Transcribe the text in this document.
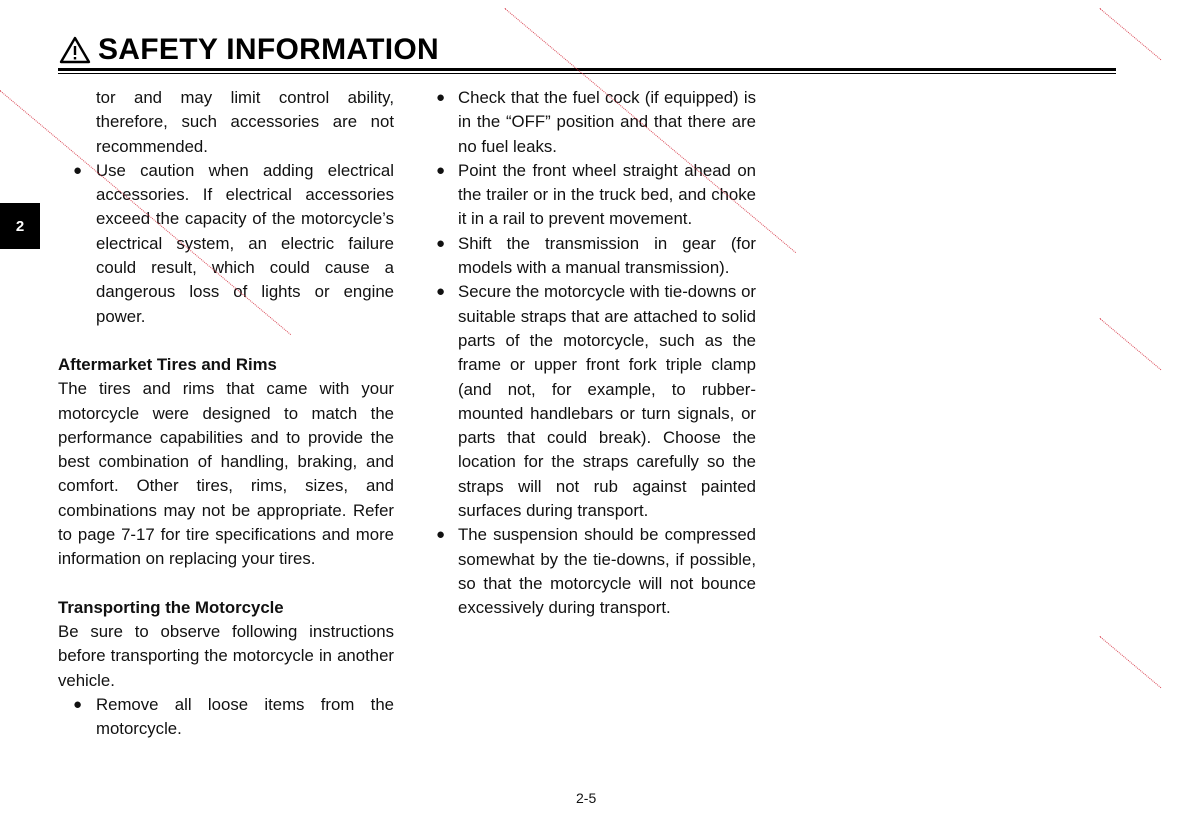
SAFETY INFORMATION
2

tor and may limit control ability, therefore, such accessories are not recommended.

● Use caution when adding electrical accessories. If electrical accessories exceed the capacity of the motorcycle’s electrical system, an electric failure could result, which could cause a dangerous loss of lights or engine power.

Aftermarket Tires and Rims

The tires and rims that came with your motorcycle were designed to match the performance capabilities and to provide the best combination of handling, braking, and comfort. Other tires, rims, sizes, and combinations may not be appropriate. Refer to page 7-17 for tire specifications and more information on replacing your tires.

Transporting the Motorcycle

Be sure to observe following instructions before transporting the motorcycle in another vehicle.

● Remove all loose items from the motorcycle.
● Check that the fuel cock (if equipped) is in the “OFF” position and that there are no fuel leaks.
● Point the front wheel straight ahead on the trailer or in the truck bed, and choke it in a rail to prevent movement.
● Shift the transmission in gear (for models with a manual transmission).
● Secure the motorcycle with tie-downs or suitable straps that are attached to solid parts of the motorcycle, such as the frame or upper front fork triple clamp (and not, for example, to rubber-mounted handlebars or turn signals, or parts that could break). Choose the location for the straps carefully so the straps will not rub against painted surfaces during transport.
● The suspension should be compressed somewhat by the tie-downs, if possible, so that the motorcycle will not bounce excessively during transport.
2-5
